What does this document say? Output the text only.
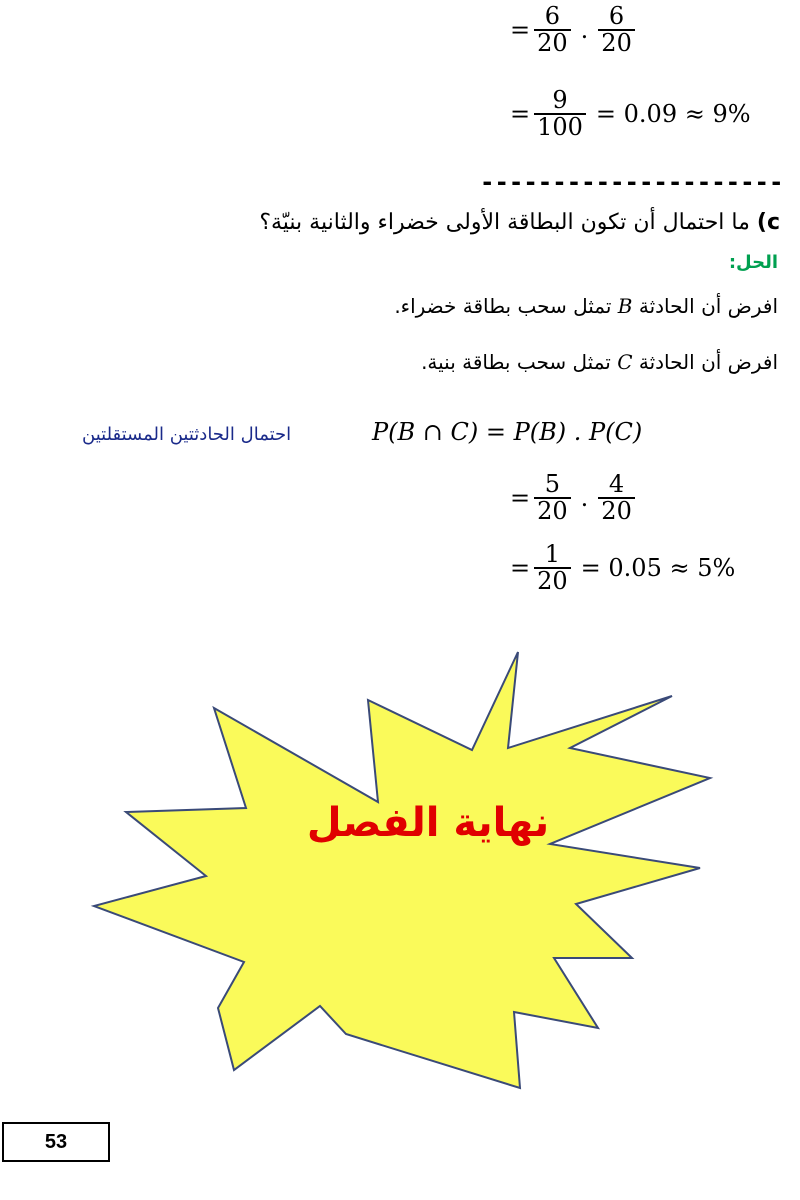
= $\frac{6}{20}$ . $\frac{6}{20}$
= $\frac{9}{100} = 0.09 \approx 9\%$
---------------------
c) ما احتمال أن تكون البطاقة الأولى خضراء والثانية بنيّة؟
الحل:
افرض أن الحادثة B تمثل سحب بطاقة خضراء.
افرض أن الحادثة C تمثل سحب بطاقة بنية.
احتمال الحادثتين المستقلتين	P(B ∩ C) = P(B) . P(C)
= $\frac{5}{20}$ . $\frac{4}{20}$
= $\frac{1}{20} = 0.05 \approx 5\%$
نهاية الفصل
53
